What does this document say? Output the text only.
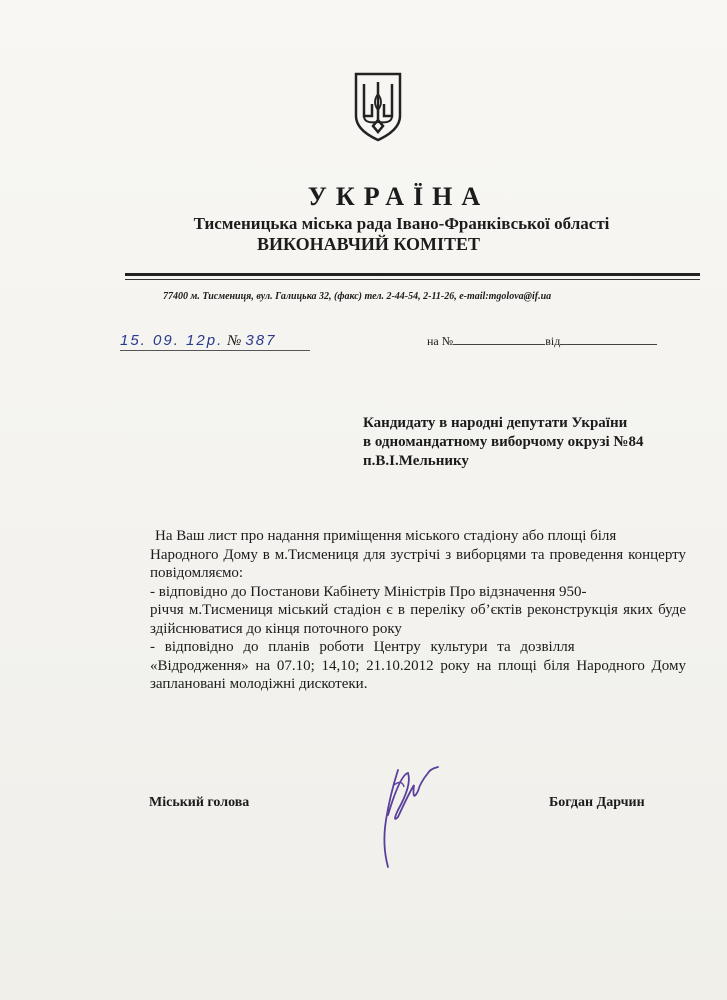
УКРАЇНА
Тисменицька міська рада Івано-Франківської області
ВИКОНАВЧИЙ КОМІТЕТ
77400 м. Тисмениця, вул. Галицька 32, (факс) тел. 2-44-54, 2-11-26, e-mail:mgolova@if.ua
15. 09. 12р. № 387	на №	від
Кандидату в народні депутати України
в одномандатному виборчому окрузі №84
п.В.І.Мельнику
На Ваш лист про надання приміщення міського стадіону або площі біля
Народного Дому в м.Тисмениця для зустрічі з виборцями та проведення концерту повідомляємо:
- відповідно до Постанови Кабінету Міністрів Про відзначення 950-
річчя м.Тисмениця міський стадіон є в переліку об’єктів реконструкція яких буде здійснюватися до кінця поточного року
- відповідно до планів роботи Центру культури та дозвілля
«Відродження» на 07.10; 14,10; 21.10.2012 року на площі біля Народного Дому заплановані молодіжні дискотеки.
Міський голова	Богдан Дарчин
